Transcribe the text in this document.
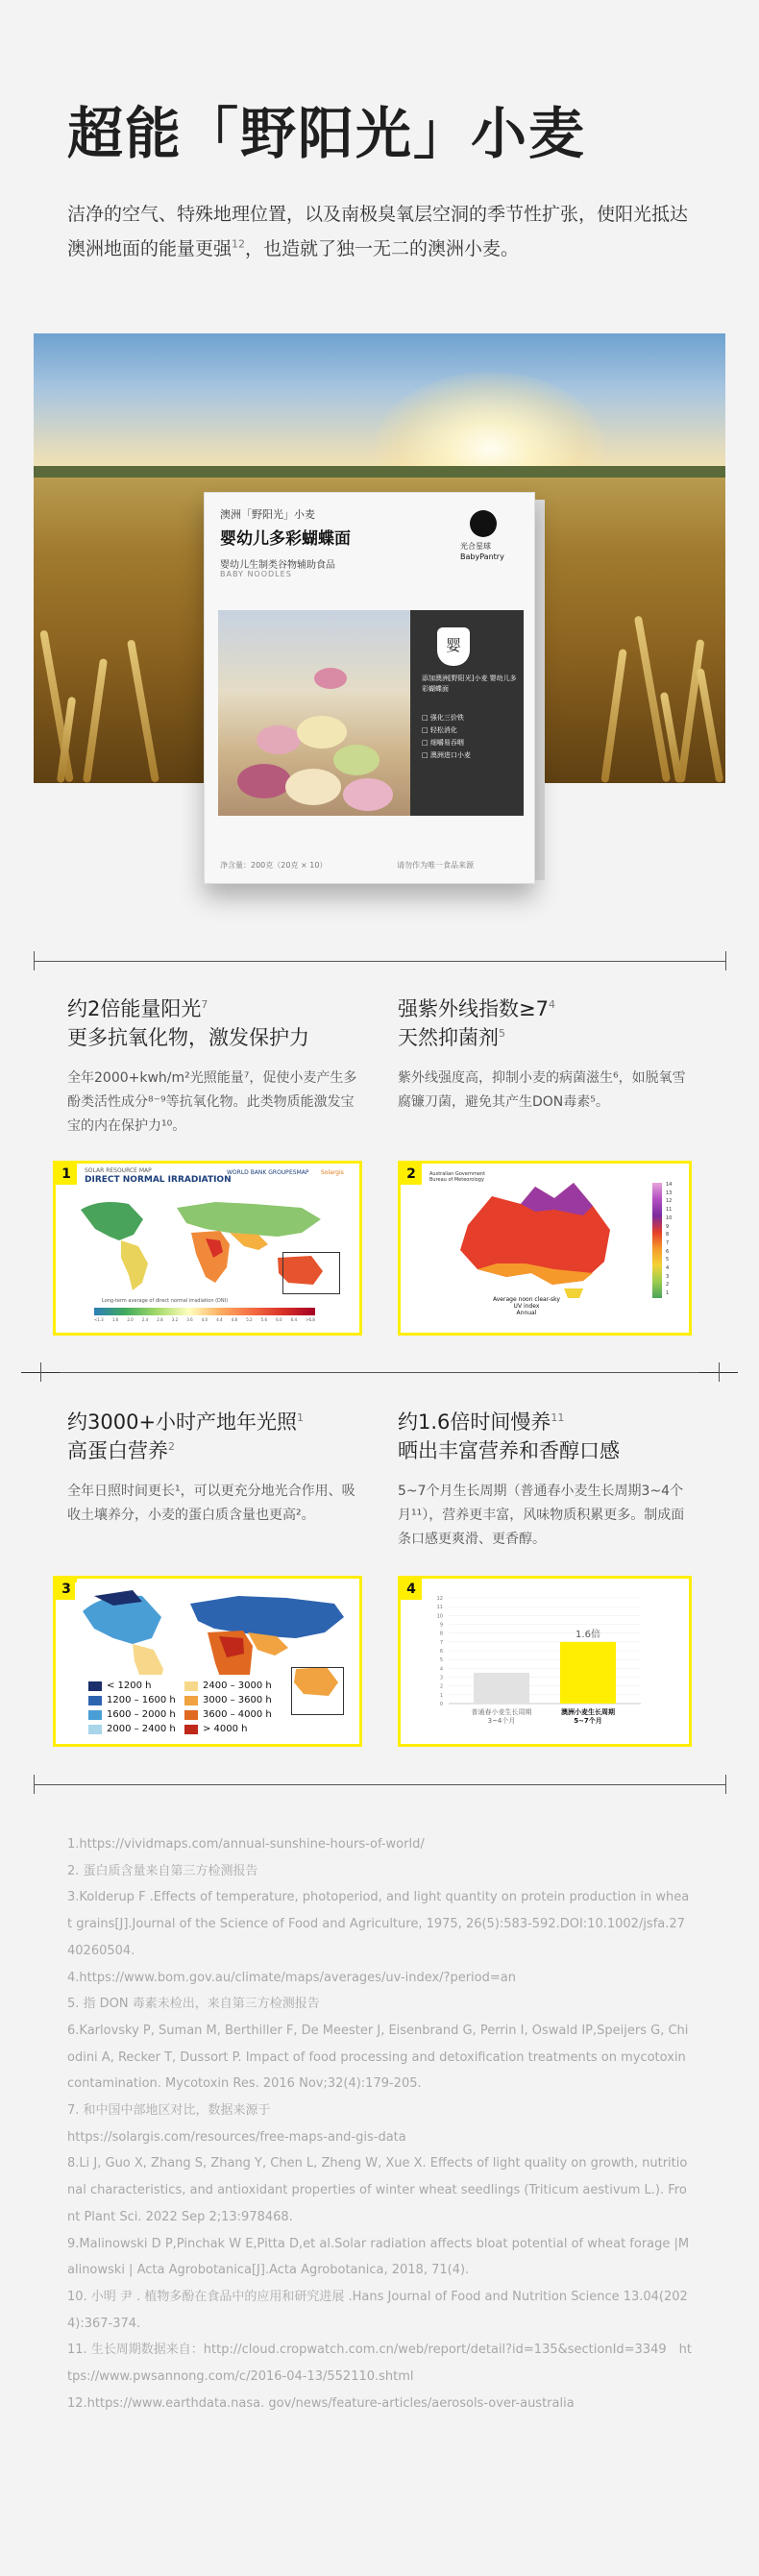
超能「野阳光」小麦

洁净的空气、特殊地理位置，以及南极臭氧层空洞的季节性扩张，使阳光抵达澳洲地面的能量更强$^{12}$，也造就了独一无二的澳洲小麦。

澳洲「野阳光」小麦
婴幼儿多彩蝴蝶面
婴幼儿生制类谷物辅助食品
BABY NOODLES
光合星球
BabyPantry
婴
添加澳洲[野阳光]小麦 婴幼儿多彩蝴蝶面
□ 强化三价铁
□ 轻松消化
□ 细嚼易吞咽
□ 澳洲进口小麦
净含量：200克（20克 × 10）	请勿作为唯一食品来源
约2倍能量阳光$^7$
更多抗氧化物，激发保护力
全年2000+kwh/m²光照能量⁷，促使小麦产生多酚类活性成分⁸⁻⁹等抗氧化物。此类物质能激发宝宝的内在保护力¹⁰。
强紫外线指数$\ge 7^4$
天然抑菌剂$^5$
紫外线强度高，抑制小麦的病菌滋生⁶，如脱氧雪腐镰刀菌，避免其产生DON毒素⁵。
1	SOLAR RESOURCE MAP
DIRECT NORMAL IRRADIATION
WORLD BANK GROUP ESMAP Solargis
Long-term average of direct normal irradiation (DNI)
<1.3 1.6 2.0 2.4 2.8 3.2 3.6 4.0 4.4 4.8 5.2 5.6 6.0 6.4 >6.8
2	Australian Government
Bureau of Meteorology
Average noon clear-sky
UV index
Annual
14
13
12
11
10
9
8
7
6
5
4
3
2
1
约3000+小时产地年光照$^1$
高蛋白营养$^2$
全年日照时间更长¹，可以更充分地光合作用、吸收土壤养分，小麦的蛋白质含量也更高²。
约1.6倍时间慢养$^{11}$
晒出丰富营养和香醇口感
5~7个月生长周期（普通春小麦生长周期3~4个月¹¹），营养更丰富，风味物质积累更多。制成面条口感更爽滑、更香醇。
3
< 1200 h
1200 – 1600 h
1600 – 2000 h
2000 – 2400 h
2400 – 3000 h
3000 – 3600 h
3600 – 4000 h
> 4000 h
4
0
1
2
3
4
5
6
7
8
9
10
11
12
普通春小麦生长周期
3~4个月
澳洲小麦生长周期
5~7个月
1.6倍
1.https://vividmaps.com/annual-sunshine-hours-of-world/
2. 蛋白质含量来自第三方检测报告
3.Kolderup F .Effects of temperature, photoperiod, and light quantity on protein production in wheat grains[J].Journal of the Science of Food and Agriculture, 1975, 26(5):583-592.DOI:10.1002/jsfa.2740260504.
4.https://www.bom.gov.au/climate/maps/averages/uv-index/?period=an
5. 指 DON 毒素未检出，来自第三方检测报告
6.Karlovsky P, Suman M, Berthiller F, De Meester J, Eisenbrand G, Perrin I, Oswald IP,Speijers G, Chiodini A, Recker T, Dussort P. Impact of food processing and detoxification treatments on mycotoxin contamination. Mycotoxin Res. 2016 Nov;32(4):179-205.
7. 和中国中部地区对比，数据来源于
https://solargis.com/resources/free-maps-and-gis-data
8.Li J, Guo X, Zhang S, Zhang Y, Chen L, Zheng W, Xue X. Effects of light quality on growth, nutritional characteristics, and antioxidant properties of winter wheat seedlings (Triticum aestivum L.). Front Plant Sci. 2022 Sep 2;13:978468.
9.Malinowski D P,Pinchak W E,Pitta D,et al.Solar radiation affects bloat potential of wheat forage |Malinowski | Acta Agrobotanica[J].Acta Agrobotanica, 2018, 71(4).
10. 小明 尹 . 植物多酚在食品中的应用和研究进展 .Hans Journal of Food and Nutrition Science 13.04(2024):367-374.
11. 生长周期数据来自：http://cloud.cropwatch.com.cn/web/report/detail?id=135&sectionId=3349　https://www.pwsannong.com/c/2016-04-13/552110.shtml
12.https://www.earthdata.nasa. gov/news/feature-articles/aerosols-over-australia
